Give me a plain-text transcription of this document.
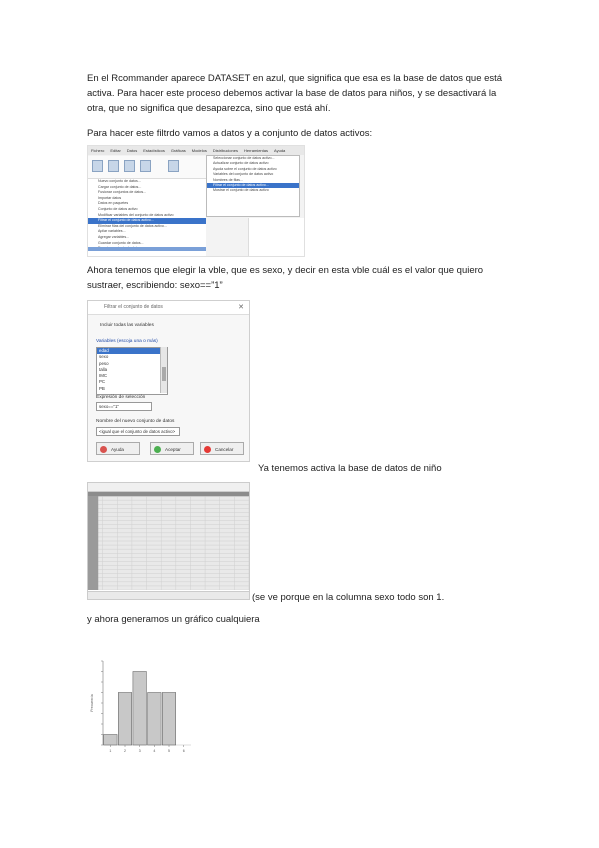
En el Rcommander aparece DATASET en azul, que significa que esa es la base de datos que está activa. Para hacer este proceso debemos activar la base de datos para niños, y se desactivará la otra, que no significa que desaparezca, sino que está ahí.

Para hacer este filtrdo vamos a datos y a conjunto de datos activos:

Fichero Editar Datos Estadísticos Gráficas Modelos Distribuciones Herramientas Ayuda
Nuevo conjunto de datos...
Cargar conjunto de datos...
Fusionar conjuntos de datos...
Importar datos
Datos en paquetes
Conjunto de datos activo
Modificar variables del conjunto de datos activo
Filtrar el conjunto de datos activo...
Eliminar filas del conjunto de datos activo...
Apilar variables...
Agregar variables...
Guardar conjunto de datos...
Seleccionar conjunto de datos activo...
Actualizar conjunto de datos activo
Ayuda sobre el conjunto de datos activo
Variables del conjunto de datos activo
Nombres de filas...
Filtrar el conjunto de datos activo...
Mostrar el conjunto de datos activo

Ahora tenemos que elegir la vble, que es sexo, y decir en esta vble cuál es el valor que quiero sustraer, escribiendo: sexo==”1”

Filtrar el conjunto de datos	✕
Incluir todas las variables
Variables (escoja una o más)
edad
sexo
peso
talla
IMC
PC
PB
Expresión de selección
sexo=="1"
Nombre del nuevo conjunto de datos
<igual que el conjunto de datos activo>
Ayuda	Aceptar	Cancelar

Ya tenemos activa la base de datos de niño

(se ve porque en la columna sexo todo son 1.

y ahora generamos un gráfico cualquiera

1	2	3	4	5	6
Frecuencia
